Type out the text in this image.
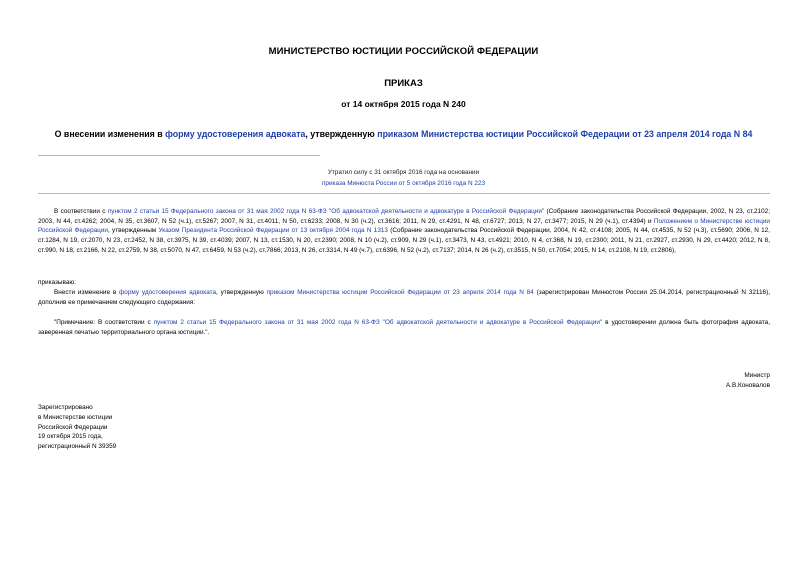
МИНИСТЕРСТВО ЮСТИЦИИ РОССИЙСКОЙ ФЕДЕРАЦИИ
ПРИКАЗ
от 14 октября 2015 года N 240
О внесении изменения в форму удостоверения адвоката, утвержденную приказом Министерства юстиции Российской Федерации от 23 апреля 2014 года N 84
Утратил силу с 31 октября 2016 года на основании
приказа Минюста России от 5 октября 2016 года N 223
В соответствии с пунктом 2 статьи 15 Федерального закона от 31 мая 2002 года N 63-ФЗ "Об адвокатской деятельности и адвокатуре в Российской Федерации" (Собрание законодательства Российской Федерации, 2002, N 23, ст.2102; 2003, N 44, ст.4262; 2004, N 35, ст.3607, N 52 (ч.1), ст.5267; 2007, N 31, ст.4011, N 50, ст.6233; 2008, N 30 (ч.2), ст.3616; 2011, N 29, ст.4291, N 48, ст.6727; 2013, N 27, ст.3477; 2015, N 29 (ч.1), ст.4394) и Положением о Министерстве юстиции Российской Федерации, утвержденным Указом Президента Российской Федерации от 13 октября 2004 года N 1313 (Собрание законодательства Российской Федерации, 2004, N 42, ст.4108; 2005, N 44, ст.4535, N 52 (ч.3), ст.5690; 2006, N 12, ст.1284, N 19, ст.2070, N 23, ст.2452, N 38, ст.3975, N 39, ст.4039; 2007, N 13, ст.1530, N 20, ст.2390; 2008, N 10 (ч.2), ст.909, N 29 (ч.1), ст.3473, N 43, ст.4921; 2010, N 4, ст.368, N 19, ст.2300; 2011, N 21, ст.2927, ст.2930, N 29, ст.4420; 2012, N 8, ст.990, N 18, ст.2166, N 22, ст.2759, N 38, ст.5070, N 47, ст.6459, N 53 (ч.2), ст.7866; 2013, N 26, ст.3314, N 49 (ч.7), ст.6396, N 52 (ч.2), ст.7137; 2014, N 26 (ч.2), ст.3515, N 50, ст.7054; 2015, N 14, ст.2108, N 19, ст.2806),
приказываю:
Внести изменение в форму удостоверения адвоката, утвержденную приказом Министерства юстиции Российской Федерации от 23 апреля 2014 года N 84 (зарегистрирован Минюстом России 25.04.2014, регистрационный N 32116), дополнив ее примечанием следующего содержания:
"Примечание: В соответствии с пунктом 2 статьи 15 Федерального закона от 31 мая 2002 года N 63-ФЗ "Об адвокатской деятельности и адвокатуре в Российской Федерации" в удостоверении должна быть фотография адвоката, заверенная печатью территориального органа юстиции.".
Министр
А.В.Коновалов
Зарегистрировано
в Министерстве юстиции
Российской Федерации
19 октября 2015 года,
регистрационный N 39359
